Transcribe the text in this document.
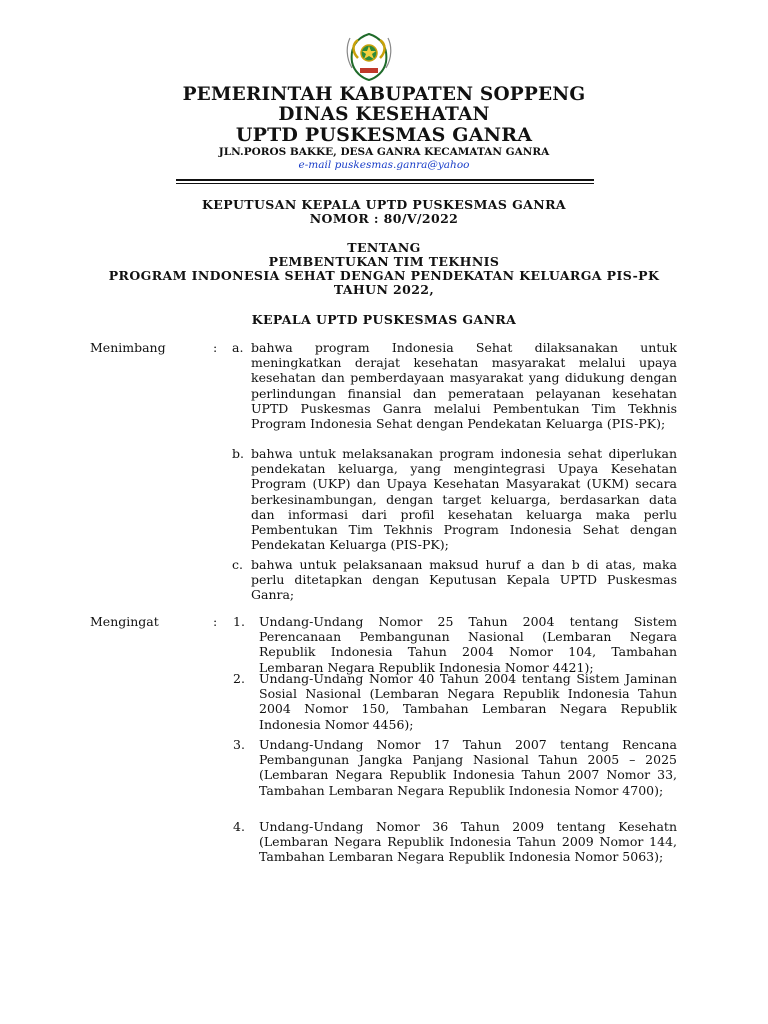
PEMERINTAH KABUPATEN SOPPENG
DINAS KESEHATAN
UPTD PUSKESMAS GANRA
JLN.POROS BAKKE, DESA GANRA KECAMATAN GANRA
e-mail puskesmas.ganra@yahoo
KEPUTUSAN KEPALA UPTD PUSKESMAS GANRA
NOMOR : 80/V/2022
TENTANG
PEMBENTUKAN TIM TEKHNIS
PROGRAM INDONESIA SEHAT DENGAN PENDEKATAN KELUARGA PIS-PK
TAHUN 2022,
KEPALA UPTD PUSKESMAS GANRA
Menimbang	: a. bahwa program Indonesia Sehat dilaksanakan untuk meningkatkan derajat kesehatan masyarakat melalui upaya kesehatan dan pemberdayaan masyarakat yang didukung dengan perlindungan finansial dan pemerataan pelayanan kesehatan UPTD Puskesmas Ganra melalui Pembentukan Tim Tekhnis Program Indonesia Sehat dengan Pendekatan Keluarga (PIS-PK);
b. bahwa untuk melaksanakan program indonesia sehat diperlukan pendekatan keluarga, yang mengintegrasi Upaya Kesehatan Program (UKP) dan Upaya Kesehatan Masyarakat (UKM) secara berkesinambungan, dengan target keluarga, berdasarkan data dan informasi dari profil kesehatan keluarga maka perlu Pembentukan Tim Tekhnis Program Indonesia Sehat dengan Pendekatan Keluarga (PIS-PK);
c. bahwa untuk pelaksanaan maksud huruf a dan b di atas, maka perlu ditetapkan dengan Keputusan Kepala UPTD Puskesmas Ganra;
Mengingat	: 1. Undang-Undang Nomor 25 Tahun 2004 tentang Sistem Perencanaan Pembangunan Nasional (Lembaran Negara Republik Indonesia Tahun 2004 Nomor 104, Tambahan Lembaran Negara Republik Indonesia Nomor 4421);
2. Undang-Undang Nomor 40 Tahun 2004 tentang Sistem Jaminan Sosial Nasional (Lembaran Negara Republik Indonesia Tahun 2004 Nomor 150, Tambahan Lembaran Negara Republik Indonesia Nomor 4456);
3. Undang-Undang Nomor 17 Tahun 2007 tentang Rencana Pembangunan Jangka Panjang Nasional Tahun 2005 – 2025 (Lembaran Negara Republik Indonesia Tahun 2007 Nomor 33, Tambahan Lembaran Negara Republik Indonesia Nomor 4700);
4. Undang-Undang Nomor 36 Tahun 2009 tentang Kesehatn (Lembaran Negara Republik Indonesia Tahun 2009 Nomor 144, Tambahan Lembaran Negara Republik Indonesia Nomor 5063);
